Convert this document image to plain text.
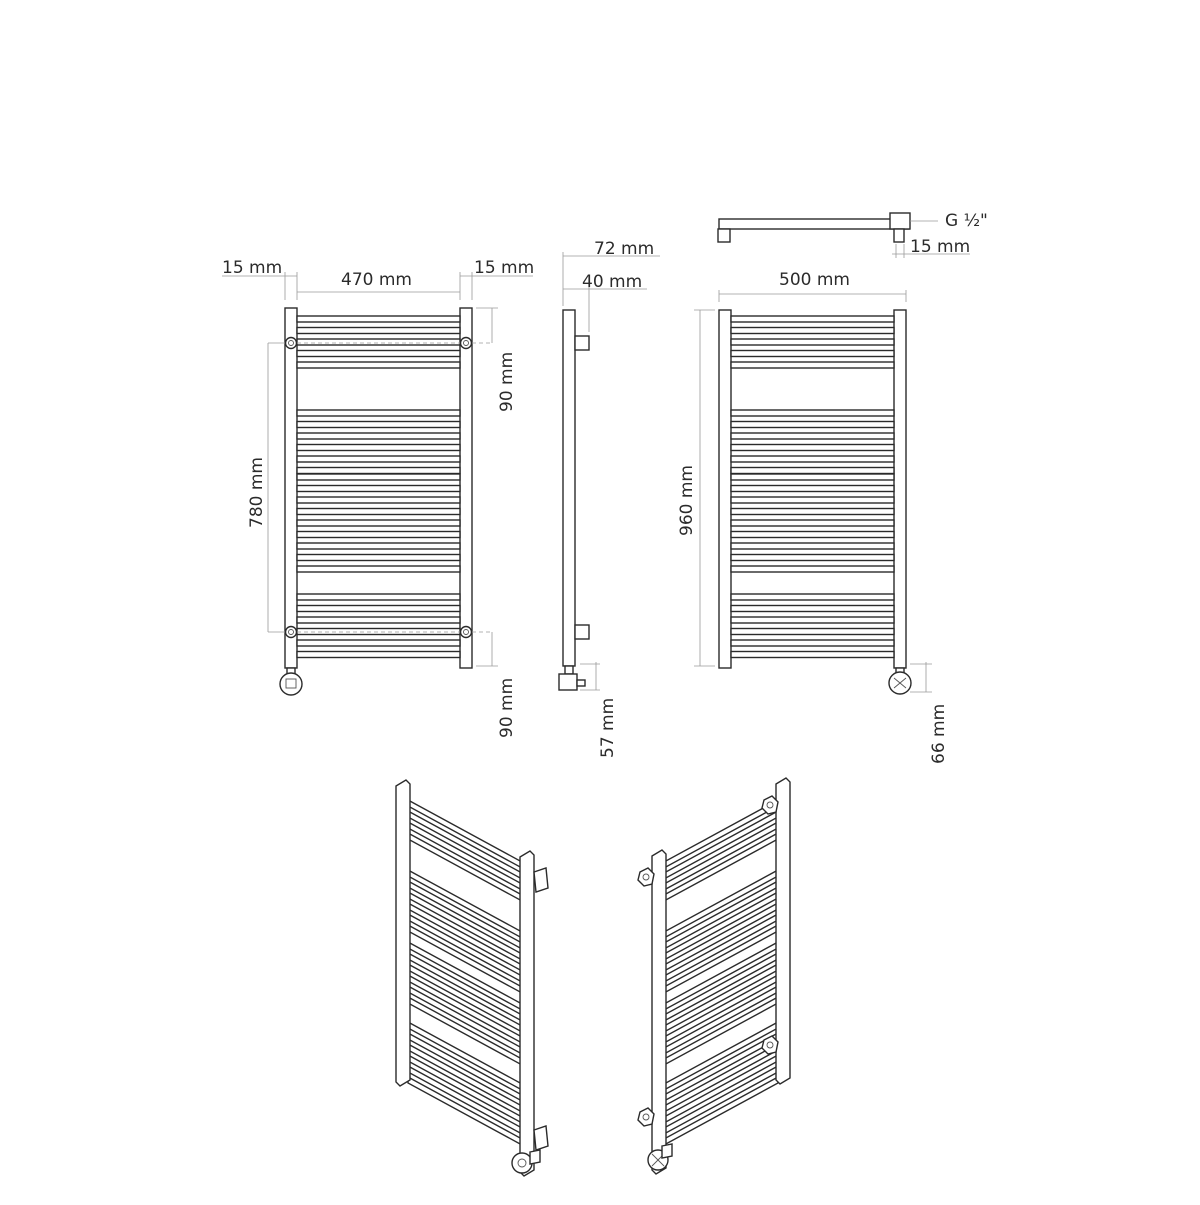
15 mm
470 mm
15 mm
780 mm
90 mm
90 mm
72 mm
40 mm
57 mm
G ½"
15 mm
500 mm
960 mm
66 mm
